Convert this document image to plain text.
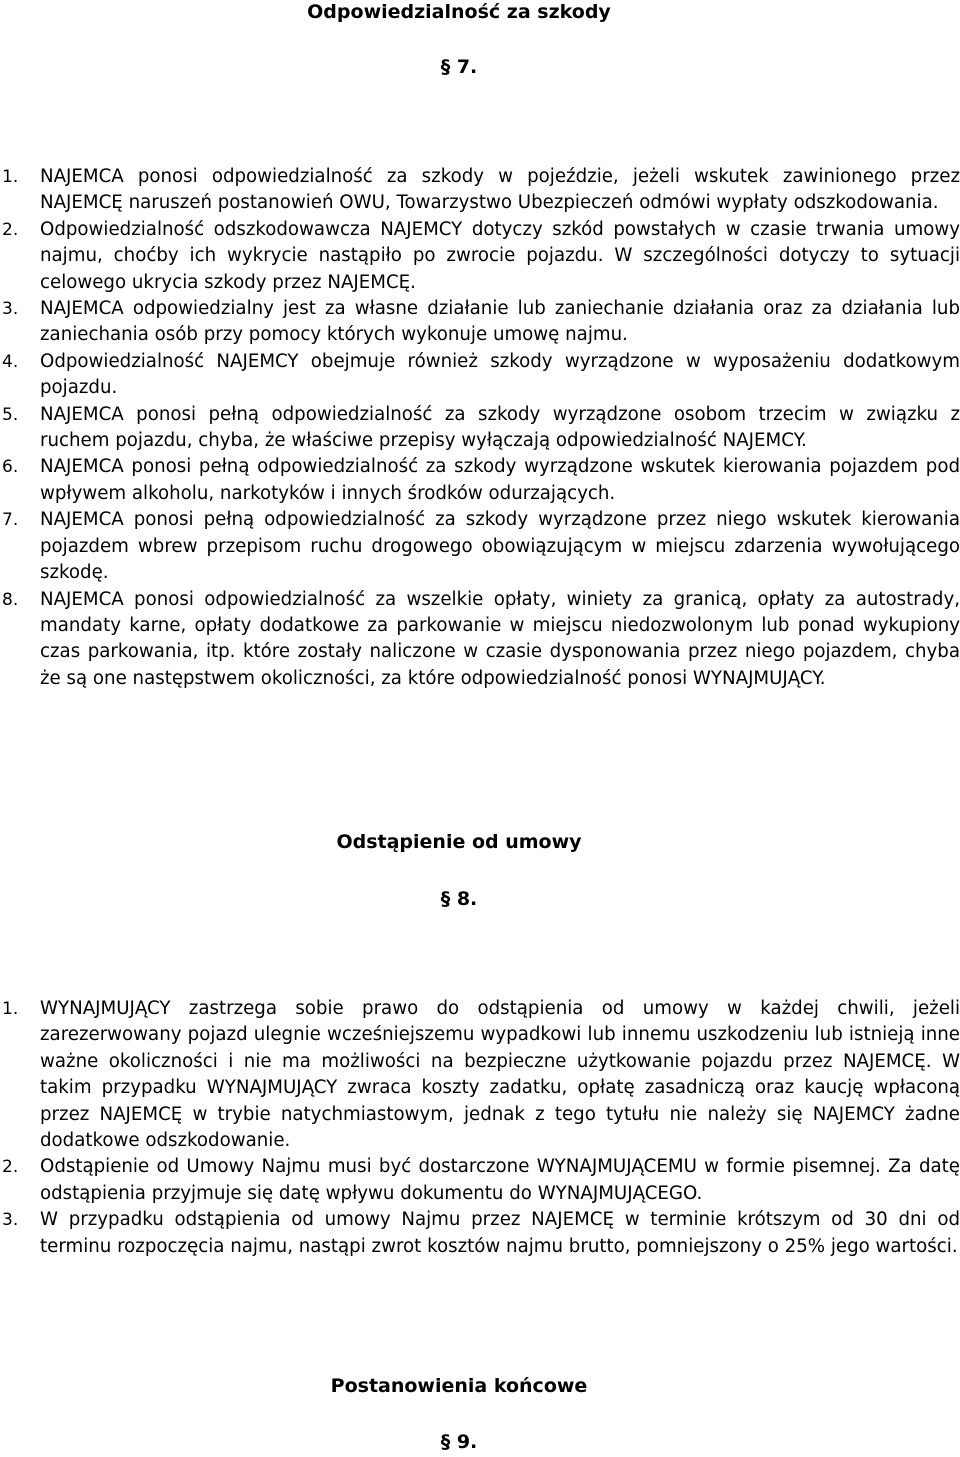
Odpowiedzialność za szkody
§ 7.
1. NAJEMCA ponosi odpowiedzialność za szkody w pojeździe, jeżeli wskutek zawinionego przez NAJEMCĘ naruszeń postanowień OWU, Towarzystwo Ubezpieczeń odmówi wypłaty odszkodowania.
2. Odpowiedzialność odszkodowawcza NAJEMCY dotyczy szkód powstałych w czasie trwania umowy najmu, choćby ich wykrycie nastąpiło po zwrocie pojazdu. W szczególności dotyczy to sytuacji celowego ukrycia szkody przez NAJEMCĘ.
3. NAJEMCA odpowiedzialny jest za własne działanie lub zaniechanie działania oraz za działania lub zaniechania osób przy pomocy których wykonuje umowę najmu.
4. Odpowiedzialność NAJEMCY obejmuje również szkody wyrządzone w wyposażeniu dodatkowym pojazdu.
5. NAJEMCA ponosi pełną odpowiedzialność za szkody wyrządzone osobom trzecim w związku z ruchem pojazdu, chyba, że właściwe przepisy wyłączają odpowiedzialność NAJEMCY.
6. NAJEMCA ponosi pełną odpowiedzialność za szkody wyrządzone wskutek kierowania pojazdem pod wpływem alkoholu, narkotyków i innych środków odurzających.
7. NAJEMCA ponosi pełną odpowiedzialność za szkody wyrządzone przez niego wskutek kierowania pojazdem wbrew przepisom ruchu drogowego obowiązującym w miejscu zdarzenia wywołującego szkodę.
8. NAJEMCA ponosi odpowiedzialność za wszelkie opłaty, winiety za granicą, opłaty za autostrady, mandaty karne, opłaty dodatkowe za parkowanie w miejscu niedozwolonym lub ponad wykupiony czas parkowania, itp. które zostały naliczone w czasie dysponowania przez niego pojazdem, chyba że są one następstwem okoliczności, za które odpowiedzialność ponosi WYNAJMUJĄCY.
Odstąpienie od umowy
§ 8.
1. WYNAJMUJĄCY zastrzega sobie prawo do odstąpienia od umowy w każdej chwili, jeżeli zarezerwowany pojazd ulegnie wcześniejszemu wypadkowi lub innemu uszkodzeniu lub istnieją inne ważne okoliczności i nie ma możliwości na bezpieczne użytkowanie pojazdu przez NAJEMCĘ. W takim przypadku WYNAJMUJĄCY zwraca koszty zadatku, opłatę zasadniczą oraz kaucję wpłaconą przez NAJEMCĘ w trybie natychmiastowym, jednak z tego tytułu nie należy się NAJEMCY żadne dodatkowe odszkodowanie.
2. Odstąpienie od Umowy Najmu musi być dostarczone WYNAJMUJĄCEMU w formie pisemnej. Za datę odstąpienia przyjmuje się datę wpływu dokumentu do WYNAJMUJĄCEGO.
3. W przypadku odstąpienia od umowy Najmu przez NAJEMCĘ w terminie krótszym od 30 dni od terminu rozpoczęcia najmu, nastąpi zwrot kosztów najmu brutto, pomniejszony o 25% jego wartości.
Postanowienia końcowe
§ 9.
